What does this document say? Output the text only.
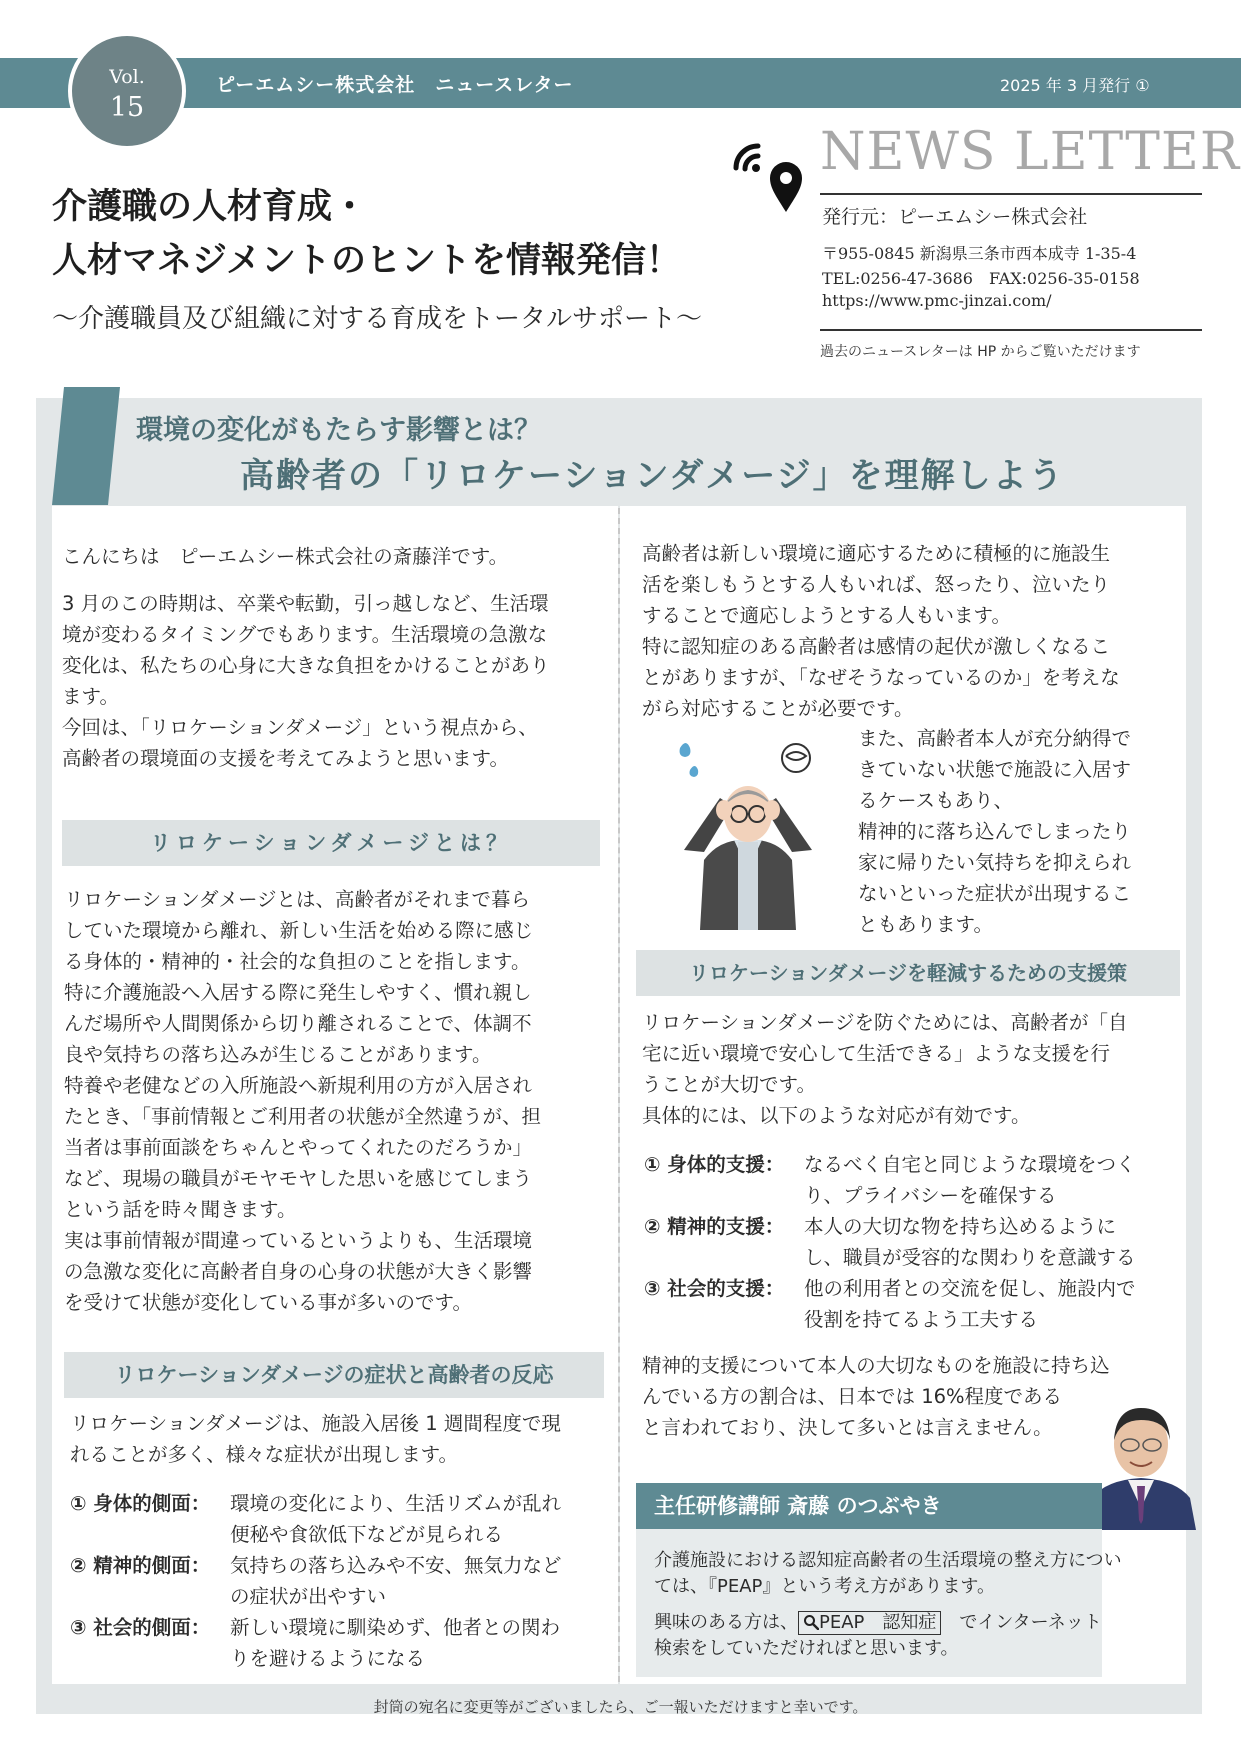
ピーエムシー株式会社　ニュースレター	2025 年 3 月発行 ①
Vol.
15
介護職の人材育成・
人材マネジメントのヒントを情報発信！
～介護職員及び組織に対する育成をトータルサポート～
NEWS LETTER
発行元：ピーエムシー株式会社
〒955-0845 新潟県三条市西本成寺 1-35-4
TEL:0256-47-3686　FAX:0256-35-0158
https://www.pmc-jinzai.com/
過去のニュースレターは HP からご覧いただけます
環境の変化がもたらす影響とは？
高齢者の「リロケーションダメージ」を理解しよう
こんにちは　ピーエムシー株式会社の斎藤洋です。

3 月のこの時期は、卒業や転勤，引っ越しなど、生活環

境が変わるタイミングでもあります。生活環境の急激な

変化は、私たちの心身に大きな負担をかけることがあり

ます。

今回は、「リロケーションダメージ」という視点から、

高齢者の環境面の支援を考えてみようと思います。

リロケーションダメージとは？

リロケーションダメージとは、高齢者がそれまで暮ら

していた環境から離れ、新しい生活を始める際に感じ

る身体的・精神的・社会的な負担のことを指します。

特に介護施設へ入居する際に発生しやすく、慣れ親し

んだ場所や人間関係から切り離されることで、体調不

良や気持ちの落ち込みが生じることがあります。

特養や老健などの入所施設へ新規利用の方が入居され

たとき、「事前情報とご利用者の状態が全然違うが、担

当者は事前面談をちゃんとやってくれたのだろうか」

など、現場の職員がモヤモヤした思いを感じてしまう

という話を時々聞きます。

実は事前情報が間違っているというよりも、生活環境

の急激な変化に高齢者自身の心身の状態が大きく影響

を受けて状態が変化している事が多いのです。

リロケーションダメージの症状と高齢者の反応

リロケーションダメージは、施設入居後 1 週間程度で現

れることが多く、様々な症状が出現します。

① 身体的側面： 環境の変化により、生活リズムが乱れ
便秘や食欲低下などが見られる
② 精神的側面： 気持ちの落ち込みや不安、無気力など
の症状が出やすい
③ 社会的側面： 新しい環境に馴染めず、他者との関わ
りを避けるようになる

高齢者は新しい環境に適応するために積極的に施設生

活を楽しもうとする人もいれば、怒ったり、泣いたり

することで適応しようとする人もいます。

特に認知症のある高齢者は感情の起伏が激しくなるこ

とがありますが、「なぜそうなっているのか」を考えな

がら対応することが必要です。

また、高齢者本人が充分納得で

きていない状態で施設に入居す

るケースもあり、

精神的に落ち込んでしまったり

家に帰りたい気持ちを抑えられ

ないといった症状が出現するこ

ともあります。

リロケーションダメージを軽減するための支援策

リロケーションダメージを防ぐためには、高齢者が「自

宅に近い環境で安心して生活できる」ような支援を行

うことが大切です。

具体的には、以下のような対応が有効です。

① 身体的支援： なるべく自宅と同じような環境をつく
り、プライバシーを確保する
② 精神的支援： 本人の大切な物を持ち込めるように
し、職員が受容的な関わりを意識する
③ 社会的支援： 他の利用者との交流を促し、施設内で
役割を持てるよう工夫する

精神的支援について本人の大切なものを施設に持ち込

んでいる方の割合は、日本では 16%程度である

と言われており、決して多いとは言えません。

主任研修講師 斎藤 のつぶやき
介護施設における認知症高齢者の生活環境の整え方につい
ては、『PEAP』という考え方があります。
興味のある方は、 PEAP　認知症　でインターネット
検索をしていただければと思います。
封筒の宛名に変更等がございましたら、ご一報いただけますと幸いです。
